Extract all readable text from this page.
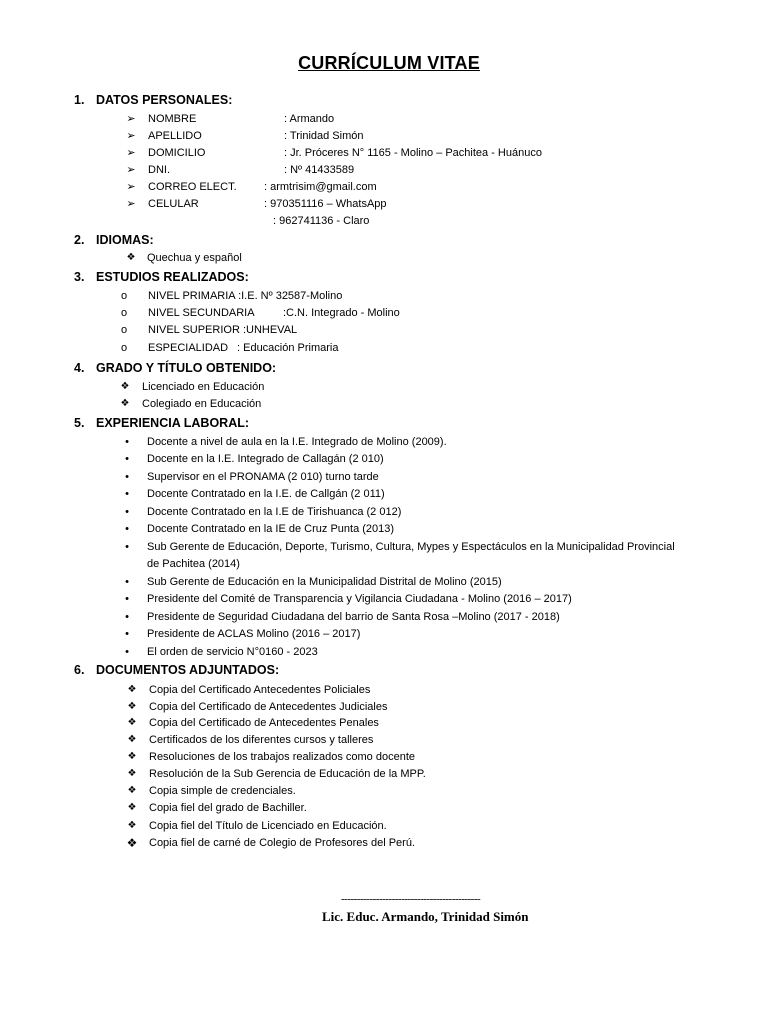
CURRÍCULUM VITAE
1. DATOS PERSONALES:
➢ NOMBRE	: Armando
➢ APELLIDO	: Trinidad Simón
➢ DOMICILIO	: Jr. Próceres N° 1165 - Molino – Pachitea - Huánuco
➢ DNI.	: Nº 41433589
➢ CORREO ELECT. : armtrisim@gmail.com
➢ CELULAR	: 970351116 – WhatsApp
: 962741136 - Claro
2. IDIOMAS:
❖ Quechua y español
3. ESTUDIOS REALIZADOS:
o	NIVEL PRIMARIA :I.E. Nº 32587-Molino
o	NIVEL SECUNDARIA	:C.N. Integrado - Molino
o	NIVEL SUPERIOR :UNHEVAL
o	ESPECIALIDAD : Educación Primaria
4. GRADO Y TÍTULO OBTENIDO:
❖ Licenciado en Educación
❖ Colegiado en Educación
5. EXPERIENCIA LABORAL:
•	Docente a nivel de aula en la I.E. Integrado de Molino (2009).
•	Docente en la I.E. Integrado de Callagán (2 010)
•	Supervisor en el PRONAMA (2 010) turno tarde
•	Docente Contratado en la I.E. de Callgán (2 011)
•	Docente Contratado en la I.E de Tirishuanca (2 012)
•	Docente Contratado en la IE de Cruz Punta (2013)
•	Sub Gerente de Educación, Deporte, Turismo, Cultura, Mypes y Espectáculos en la Municipalidad Provincial
de Pachitea (2014)
•	Sub Gerente de Educación en la Municipalidad Distrital de Molino (2015)
•	Presidente del Comité de Transparencia y Vigilancia Ciudadana - Molino (2016 – 2017)
•	Presidente de Seguridad Ciudadana del barrio de Santa Rosa –Molino (2017 - 2018)
•	Presidente de ACLAS Molino (2016 – 2017)
•	El orden de servicio N°0160 - 2023
6. DOCUMENTOS ADJUNTADOS:
❖ Copia del Certificado Antecedentes Policiales
❖ Copia del Certificado de Antecedentes Judiciales
❖ Copia del Certificado de Antecedentes Penales
❖ Certificados de los diferentes cursos y talleres
❖ Resoluciones de los trabajos realizados como docente
❖ Resolución de la Sub Gerencia de Educación de la MPP.
❖ Copia simple de credenciales.
❖ Copia fiel del grado de Bachiller.
❖ Copia fiel del Título de Licenciado en Educación.
❖ Copia fiel de carné de Colegio de Profesores del Perú.
--------------------------------------------
Lic. Educ. Armando, Trinidad Simón
